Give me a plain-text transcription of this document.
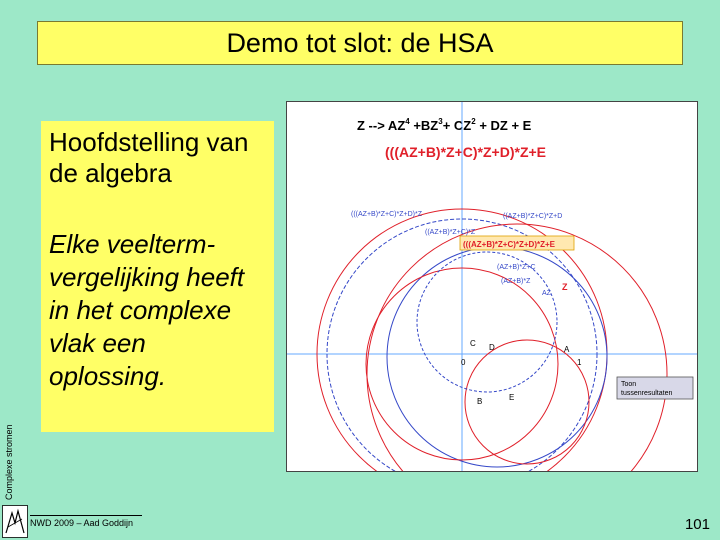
Demo tot slot: de HSA
Hoofdstelling van de algebra
Elke veelterm-vergelijking heeft in het complexe vlak een oplossing.
Complexe stromen
NWD 2009 – Aad Goddijn	101
Z --> $AZ^4 +BZ^3+ CZ^2$ + DZ + E
(((AZ+B)*Z+C)*Z+D)*Z+E
(((AZ+B)*Z+C)*Z+D)*Z	((AZ+B)*Z+C)*Z+D
((AZ+B)*Z+C)*Z
(((AZ+B)*Z+C)*Z+D)*Z+E
(AZ+B)*Z+C
(AZ+B)*Z
AZ
Z
C D	A
B	E
0	1
Toon
tussenresultaten
